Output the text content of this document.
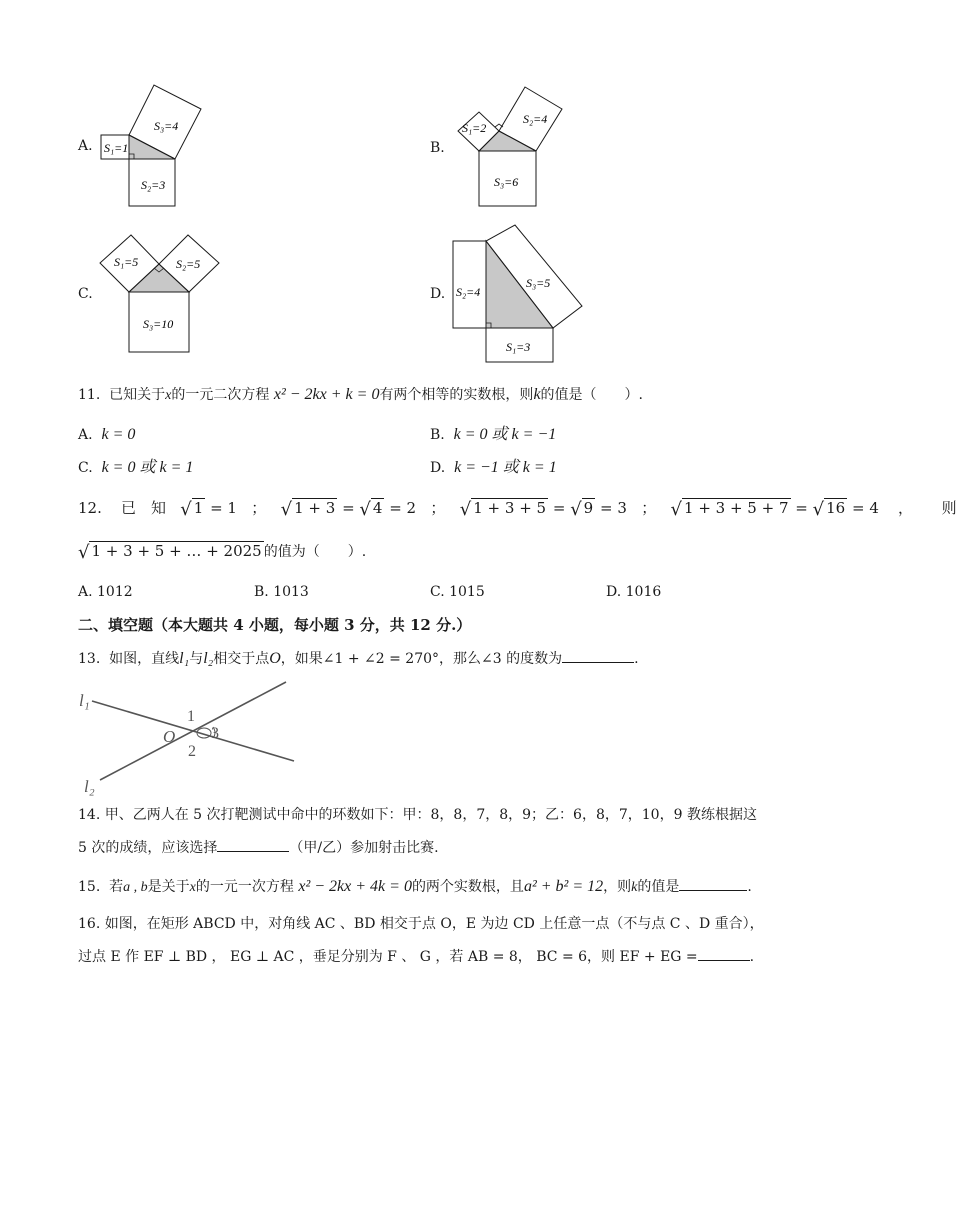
A. S₁=1
S₂=3
S₃=4
B.
S₁=2
S₂=4
S₃=6
C.
S₁=5	S₂=5
S₃=10
D. S₂=4
S₁=3
S₃=5
11. 已知关于x的一元二次方程 x² − 2kx + k = 0有两个相等的实数根，则k的值是（　　）.
A. k = 0	B. k = 0 或 k = −1
C. k = 0 或 k = 1	D. k = −1 或 k = 1
12. 已　知 √ 1 = 1 ； √ 1 + 3 = √ 4 = 2 ； √ 1 + 3 + 5 = √ 9 = 3 ； √ 1 + 3 + 5 + 7 = √ 16 = 4 ， 则
√ 1 + 3 + 5 + … + 2025 的值为（　　）.
A. 1012	B. 1013	C. 1015	D. 1016
二、填空题（本大题共 4 小题，每小题 3 分，共 12 分.）
13. 如图，直线l₁与l₂相交于点O，如果∠1 + ∠2 = 270°，那么∠3 的度数为	.
l₁
l₂
O
1
2
3
14. 甲、乙两人在 5 次打靶测试中命中的环数如下：甲：8，8，7，8，9；乙：6，8，7，10，9 教练根据这
5 次的成绩，应该选择	（甲/乙）参加射击比赛.
15. 若a , b是关于x的一元一次方程 x² − 2kx + 4k = 0的两个实数根，且a² + b² = 12，则k的值是	.
16. 如图，在矩形 ABCD 中，对角线 AC 、BD 相交于点 O，E 为边 CD 上任意一点（不与点 C 、D 重合），
过点 E 作 EF ⊥ BD ， EG ⊥ AC ，垂足分别为 F 、 G ，若 AB = 8， BC = 6，则 EF + EG =	.
